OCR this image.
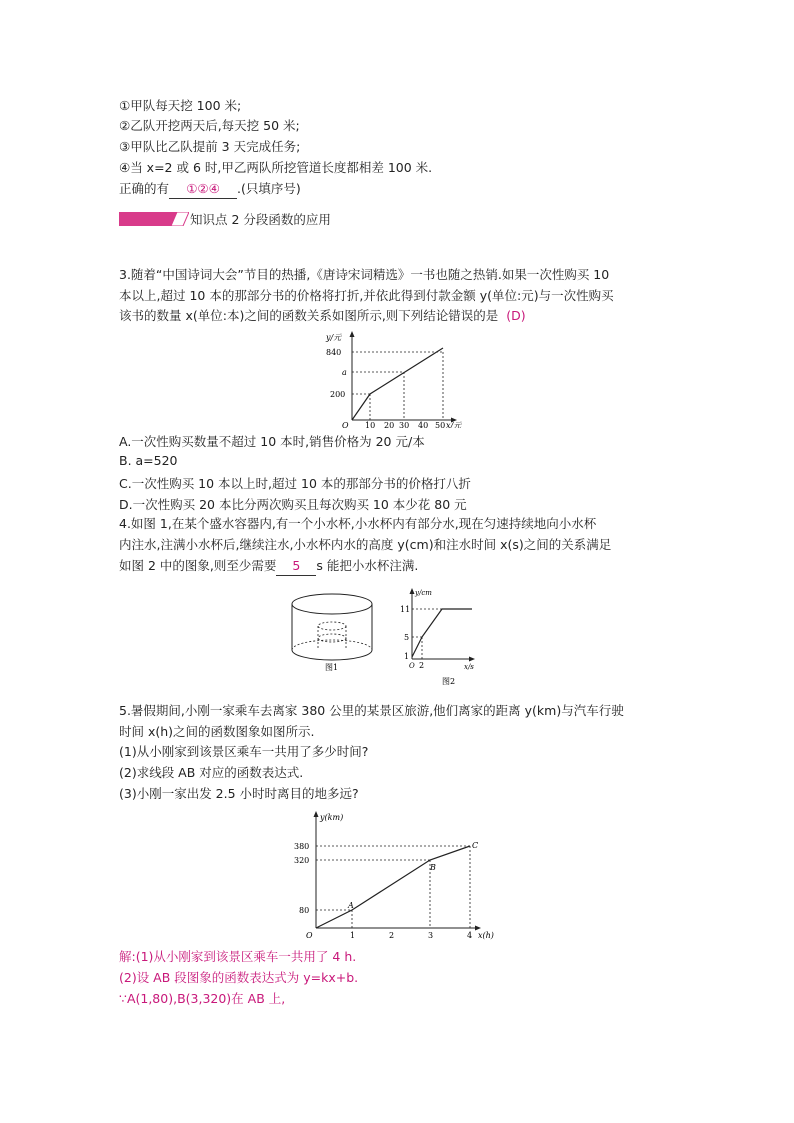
①甲队每天挖 100 米;
②乙队开挖两天后,每天挖 50 米;
③甲队比乙队提前 3 天完成任务;
④当 x=2 或 6 时,甲乙两队所挖管道长度都相差 100 米.
正确的有 ①②④ .(只填序号)
知识点 2 分段函数的应用
3.随着“中国诗词大会”节目的热播,《唐诗宋词精选》一书也随之热销.如果一次性购买 10
本以上,超过 10 本的那部分书的价格将打折,并依此得到付款金额 y(单位:元)与一次性购买
该书的数量 x(单位:本)之间的函数关系如图所示,则下列结论错误的是 (D)
y/元
840
a
200
O 10 20 30 40 50 x/元
A.一次性购买数量不超过 10 本时,销售价格为 20 元/本
B. a=520
C.一次性购买 10 本以上时,超过 10 本的那部分书的价格打八折
D.一次性购买 20 本比分两次购买且每次购买 10 本少花 80 元
4.如图 1,在某个盛水容器内,有一个小水杯,小水杯内有部分水,现在匀速持续地向小水杯
内注水,注满小水杯后,继续注水,小水杯内水的高度 y(cm)和注水时间 x(s)之间的关系满足
如图 2 中的图象,则至少需要 5 s 能把小水杯注满.
图1
y/cm
11
5
1
O 2	x/s
图2
5.暑假期间,小刚一家乘车去离家 380 公里的某景区旅游,他们离家的距离 y(km)与汽车行驶
时间 x(h)之间的函数图象如图所示.
(1)从小刚家到该景区乘车一共用了多少时间?
(2)求线段 AB 对应的函数表达式.
(3)小刚一家出发 2.5 小时时离目的地多远?
y(km)
380
320
80
O	1	2	3	4 x(h)
A
B
C
解:(1)从小刚家到该景区乘车一共用了 4 h.
(2)设 AB 段图象的函数表达式为 y=kx+b.
∵A(1,80),B(3,320)在 AB 上,
